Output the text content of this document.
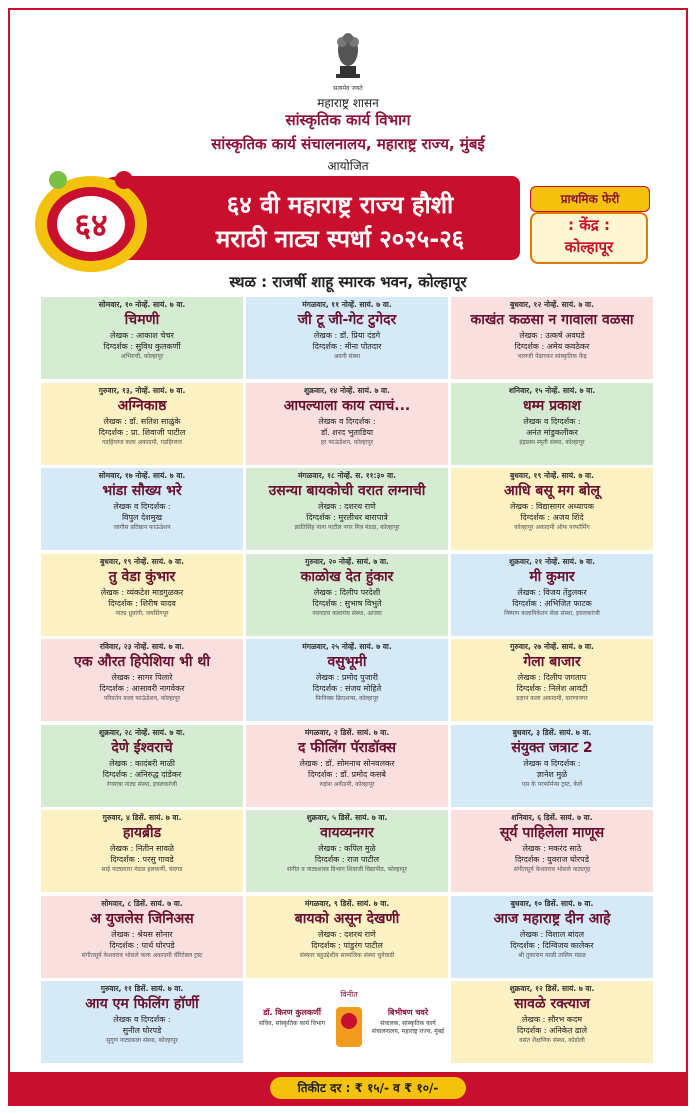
सत्यमेव जयते
महाराष्ट्र शासन
सांस्कृतिक कार्य विभाग
सांस्कृतिक कार्य संचालनालय, महाराष्ट्र राज्य, मुंबई
आयोजित
६४ वी महाराष्ट्र राज्य हौशी
मराठी नाट्य स्पर्धा २०२५-२६
६४
प्राथमिक फेरी
: केंद्र :
कोल्हापूर
स्थळ : राजर्षी शाहू स्मारक भवन, कोल्हापूर
सोमवार, १० नोव्हें. सायं. ७ वा.
चिमणी
लेखक : आकाश चेचर
दिग्दर्शक : सुविध कुलकर्णी
अभिरुची, कोल्हापूर
मंगळवार, ११ नोव्हें. सायं. ७ वा.
जी टू जी-गेट टुगेदर
लेखक : डॉ. प्रिया दंडगे
दिग्दर्शक : मीना पोतदार
अवनी संस्था
बुधवार, १२ नोव्हें. सायं. ७ वा.
काखंत कळसा न गावाला वळसा
लेखक : उत्कर्ष अवघडे
दिग्दर्शक : अमेय कवठेकर
भालजी पेंढारकर सांस्कृतिक केंद्र
गुरुवार, १३, नोव्हें. सायं. ७ वा.
अग्निकाष्ठ
लेखक : डॉ. सतिश साळुंके
दिग्दर्शक : प्रा. शिवाजी पाटील
गडहिंग्लज कला अकादमी, गडहिंग्लज
शुक्रवार, १४ नोव्हें. सायं. ७ वा.
आपल्याला काय त्याचं...
लेखक व दिग्दर्शक :
डॉ. शरद भुताडिया
हर फाऊंडेशन, कोल्हापूर
शनिवार, १५ नोव्हें. सायं. ७ वा.
धम्म प्रकाश
लेखक व दिग्दर्शक :
अनंत मांडुकलीकर
इंद्रप्रस्थ स्मृती संस्था, कोल्हापूर
सोमवार, १७ नोव्हें. सायं. ७ वा.
भांडा सौख्य भरे
लेखक व दिग्दर्शक :
विपुल देशमुख
जागीस प्रतिष्ठान फाऊंडेशन
मंगळवार, १८ नोव्हें. स. ११:३० वा.
उसन्या बायकोची वरात लग्नाची
लेखक : दशरथ राणे
दिग्दर्शक : मुरलीधर बारापात्रे
क्रांतिसिंह नाना पाटील नगर मित्र मंडळ, कोल्हापूर
बुधवार, १९ नोव्हें. सायं. ७ वा.
आधि बसू मग बोलू
लेखक : विद्यासागर अध्यापक
दिग्दर्शक : अजय शिंदे
कोल्हापूर अकादमी ऑफ परफॉर्मिंग
बुधवार, १९ नोव्हें. सायं. ७ वा.
तु वेडा कुंभार
लेखक : व्यंकटेश माडगुळकर
दिग्दर्शक : शिरीष यादव
नाट्य ध्रुवांगी, जयसिंगपूर
गुरुवार, २० नोव्हें. सायं. ७ वा.
काळोख देत हुंकार
लेखक : दिलीप परदेशी
दिग्दर्शक : सुभाष विभुते
नवनाटय कलामंच संस्था, आजरा
शुक्रवार, २१ नोव्हें. सायं. ७ वा.
मी कुमार
लेखक : विजय तेंडुलकर
दिग्दर्शक : अभिजित फाटक
निष्पाप कलानिकेतन सेवा संस्था, इचलकरंजी
रविवार, २३ नोव्हें. सायं. ७ वा.
एक औरत हिपेशिया भी थी
लेखक : सागर पिलारे
दिग्दर्शक : आसावरी नागवेकर
परिवर्तन कला फाऊंडेशन, कोल्हापूर
मंगळवार, २५ नोव्हें. सायं. ७ वा.
वसुभूमी
लेखक : प्रमोद पुजारी
दिग्दर्शक : संजय मोहिते
फिनिक्स क्रिएशन्स, कोल्हापूर
गुरुवार, २७ नोव्हें. सायं. ७ वा.
गेला बाजार
लेखक : दिलीप जगताप
दिग्दर्शक : निलेश आवटी
प्रज्ञान कला अकादमी, वारणानगर
शुक्रवार, २८ नोव्हें. सायं. ७ वा.
देणे ईश्वराचे
लेखक : कादंबरी माळी
दिग्दर्शक : अनिरुद्ध दांडेकर
रंगयात्रा नाट्य संस्था, इचलकरंजी
मंगळवार, २ डिसें. सायं. ७ वा.
द फीलिंग पॅराडॉक्स
लेखक : डॉ. सोमनाथ सोनवलकर
दिग्दर्शक : डॉ. प्रमोद कसबे
रुद्रांश अकॅडमी, कोल्हापूर
बुधवार, ३ डिसें. सायं. ७ वा.
संयुक्त जत्राट 2
लेखक व दिग्दर्शक :
ज्ञानेश मुळे
एस के परफॉर्मन्स ट्रस्ट, केर्ले
गुरुवार, ४ डिसें. सायं. ७ वा.
हायब्रीड
लेखक : नितीन सावळे
दिग्दर्शक : परसु गावडे
साई नाट्यधारा मंडळ हलकर्णी, चंदगड
शुक्रवार, ५ डिसें. सायं. ७ वा.
वायव्यनगर
लेखक : कपिल मुळे
दिग्दर्शक : राज पाटील
संगीत व नाट्यशास्त्र विभाग शिवाजी विद्यापीठ, कोल्हापूर
शनिवार, ६ डिसें. सायं. ७ वा.
सूर्य पाहिलेला माणूस
लेखक : मकरंद साठे
दिग्दर्शक : युवराज घोरपडे
संगीतसूर्य केशवराव भोसले नाट्यगृह
सोमवार, ८ डिसें. सायं. ७ वा.
अ युजलेस जिनिअस
लेखक : श्रेयस सोनार
दिग्दर्शक : पार्थ घोरपडे
संगीतसूर्य केशवराव भोसले कला अकादमी चॅरिटेबल ट्रस्ट
मंगळवार, ९ डिसें. सायं. ७ वा.
बायको असून देखणी
लेखक : दशरथ राणे
दिग्दर्शक : पांडुरंग पाटील
संस्कार बहुउद्देशीय सामाजिक संस्था चुयेवाडी
बुधवार, १० डिसें. सायं. ७ वा.
आज महाराष्ट्र दीन आहे
लेखक : विशाल बांदल
दिग्दर्शक : दिग्विजय कालेकर
श्री तुकाराम माळी तालिम मंडळ
गुरुवार, ११ डिसें. सायं. ७ वा.
आय एम फिलिंग हॉर्णी
लेखक व दिग्दर्शक :
सुनील घोरपडे
सुगुण नाट्यकला संस्था, कोल्हापूर
डॉ. किरण कुलकर्णी
सचिव, सांस्कृतिक कार्य विभाग
विनीत
बिभीषण चवरे
संचालक, सांस्कृतिक कार्य संचालनालय, महाराष्ट्र राज्य, मुंबई
शुक्रवार, १२ डिसें. सायं. ७ वा.
सावळे रक्त्याज
लेखक : सौरभ कदम
दिग्दर्शक : अनिकेत ढाले
वसंत शैक्षणिक संस्था, कोडोली
तिकीट दर : ₹ १५/- व ₹ १०/-
